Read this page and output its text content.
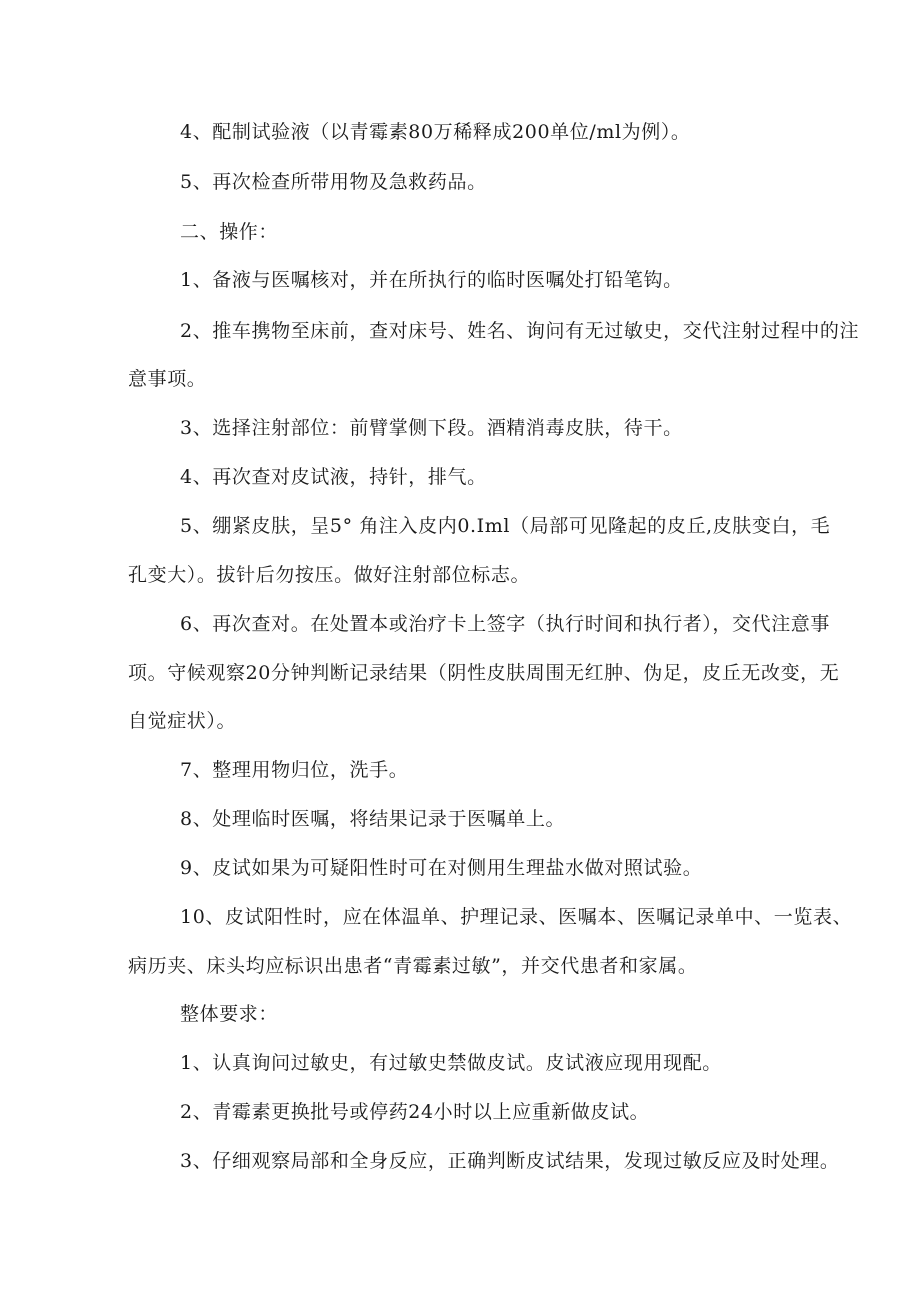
4、配制试验液（以青霉素80万稀释成200单位/ml为例）。

5、再次检查所带用物及急救药品。

二、操作：

1、备液与医嘱核对，并在所执行的临时医嘱处打铅笔钩。

2、推车携物至床前，查对床号、姓名、询问有无过敏史，交代注射过程中的注

意事项。

3、选择注射部位：前臂掌侧下段。酒精消毒皮肤，待干。

4、再次查对皮试液，持针，排气。

5、绷紧皮肤，呈5° 角注入皮内0.Iml（局部可见隆起的皮丘,皮肤变白，毛

孔变大）。拔针后勿按压。做好注射部位标志。

6、再次查对。在处置本或治疗卡上签字（执行时间和执行者），交代注意事

项。守候观察20分钟判断记录结果（阴性皮肤周围无红肿、伪足，皮丘无改变，无

自觉症状）。

7、整理用物归位，洗手。

8、处理临时医嘱，将结果记录于医嘱单上。

9、皮试如果为可疑阳性时可在对侧用生理盐水做对照试验。

10、皮试阳性时，应在体温单、护理记录、医嘱本、医嘱记录单中、一览表、

病历夹、床头均应标识出患者“青霉素过敏”，并交代患者和家属。

整体要求：

1、认真询问过敏史，有过敏史禁做皮试。皮试液应现用现配。

2、青霉素更换批号或停药24小时以上应重新做皮试。

3、仔细观察局部和全身反应，正确判断皮试结果，发现过敏反应及时处理。
